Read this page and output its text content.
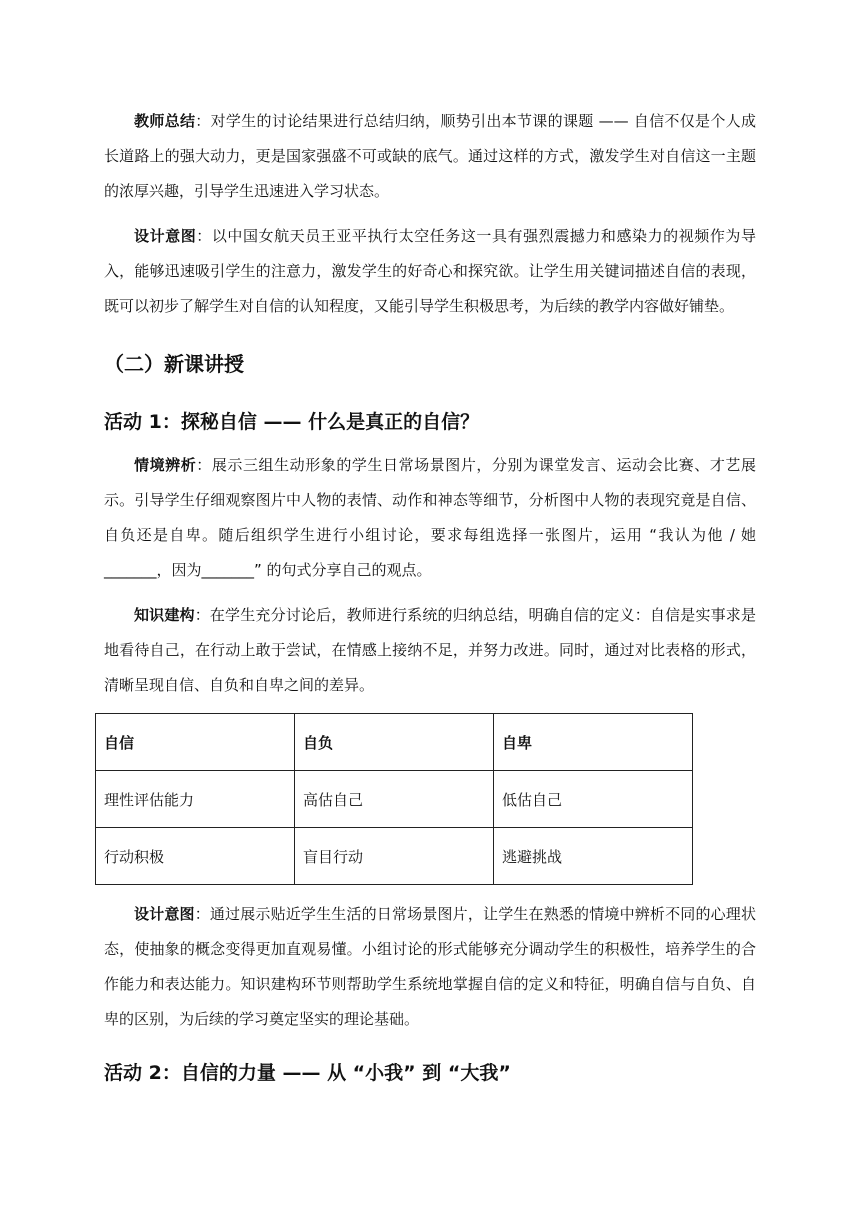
教师总结：对学生的讨论结果进行总结归纳，顺势引出本节课的课题 —— 自信不仅是个人成长道路上的强大动力，更是国家强盛不可或缺的底气。通过这样的方式，激发学生对自信这一主题的浓厚兴趣，引导学生迅速进入学习状态。

设计意图：以中国女航天员王亚平执行太空任务这一具有强烈震撼力和感染力的视频作为导入，能够迅速吸引学生的注意力，激发学生的好奇心和探究欲。让学生用关键词描述自信的表现，既可以初步了解学生对自信的认知程度，又能引导学生积极思考，为后续的教学内容做好铺垫。

（二）新课讲授
活动 1：探秘自信 —— 什么是真正的自信？

情境辨析：展示三组生动形象的学生日常场景图片，分别为课堂发言、运动会比赛、才艺展示。引导学生仔细观察图片中人物的表情、动作和神态等细节，分析图中人物的表现究竟是自信、自负还是自卑。随后组织学生进行小组讨论，要求每组选择一张图片，运用 “我认为他 / 她_______，因为_______” 的句式分享自己的观点。

知识建构：在学生充分讨论后，教师进行系统的归纳总结，明确自信的定义：自信是实事求是地看待自己，在行动上敢于尝试，在情感上接纳不足，并努力改进。同时，通过对比表格的形式，清晰呈现自信、自负和自卑之间的差异。

自信	自负	自卑
理性评估能力	高估自己	低估自己
行动积极	盲目行动	逃避挑战

设计意图：通过展示贴近学生生活的日常场景图片，让学生在熟悉的情境中辨析不同的心理状态，使抽象的概念变得更加直观易懂。小组讨论的形式能够充分调动学生的积极性，培养学生的合作能力和表达能力。知识建构环节则帮助学生系统地掌握自信的定义和特征，明确自信与自负、自卑的区别，为后续的学习奠定坚实的理论基础。

活动 2：自信的力量 —— 从 “小我” 到 “大我”
